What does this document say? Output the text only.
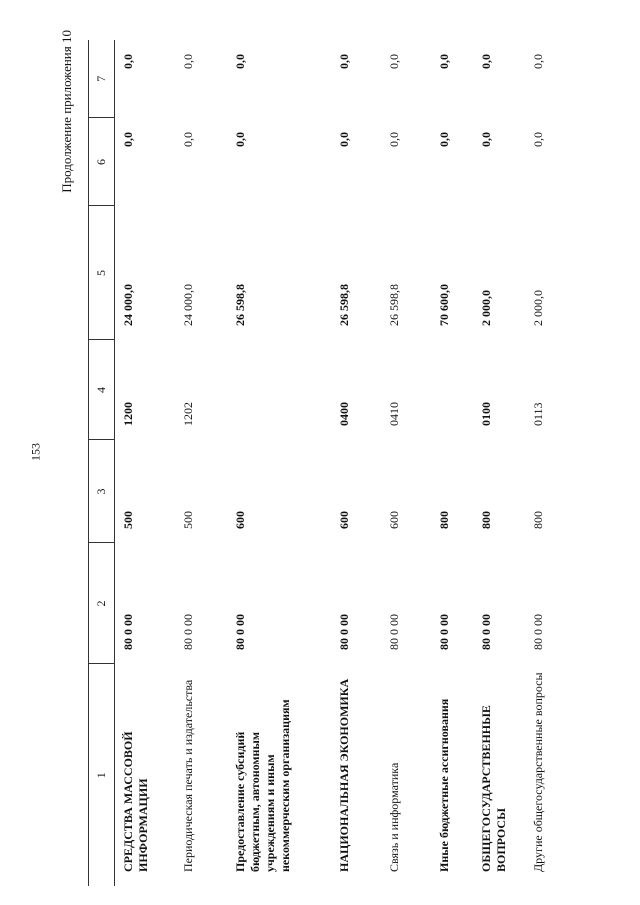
153
Продолжение приложения 10
1	2	3	4	5	6	7
СРЕДСТВА МАССОВОЙ ИНФОРМАЦИИ	80 0 00	500	1200	24 000,0	0,0	0,0
Периодическая печать и издательства	80 0 00	500	1202	24 000,0	0,0	0,0
Предоставление субсидий бюджетным, автономным учреждениям и иным некоммерческим организациям	80 0 00	600		26 598,8	0,0	0,0
НАЦИОНАЛЬНАЯ ЭКОНОМИКА	80 0 00	600	0400	26 598,8	0,0	0,0
Связь и информатика	80 0 00	600	0410	26 598,8	0,0	0,0
Иные бюджетные ассигнования	80 0 00	800		70 600,0	0,0	0,0
ОБЩЕГОСУДАРСТВЕННЫЕ ВОПРОСЫ	80 0 00	800	0100	2 000,0	0,0	0,0
Другие общегосударственные вопросы	80 0 00	800	0113	2 000,0	0,0	0,0
